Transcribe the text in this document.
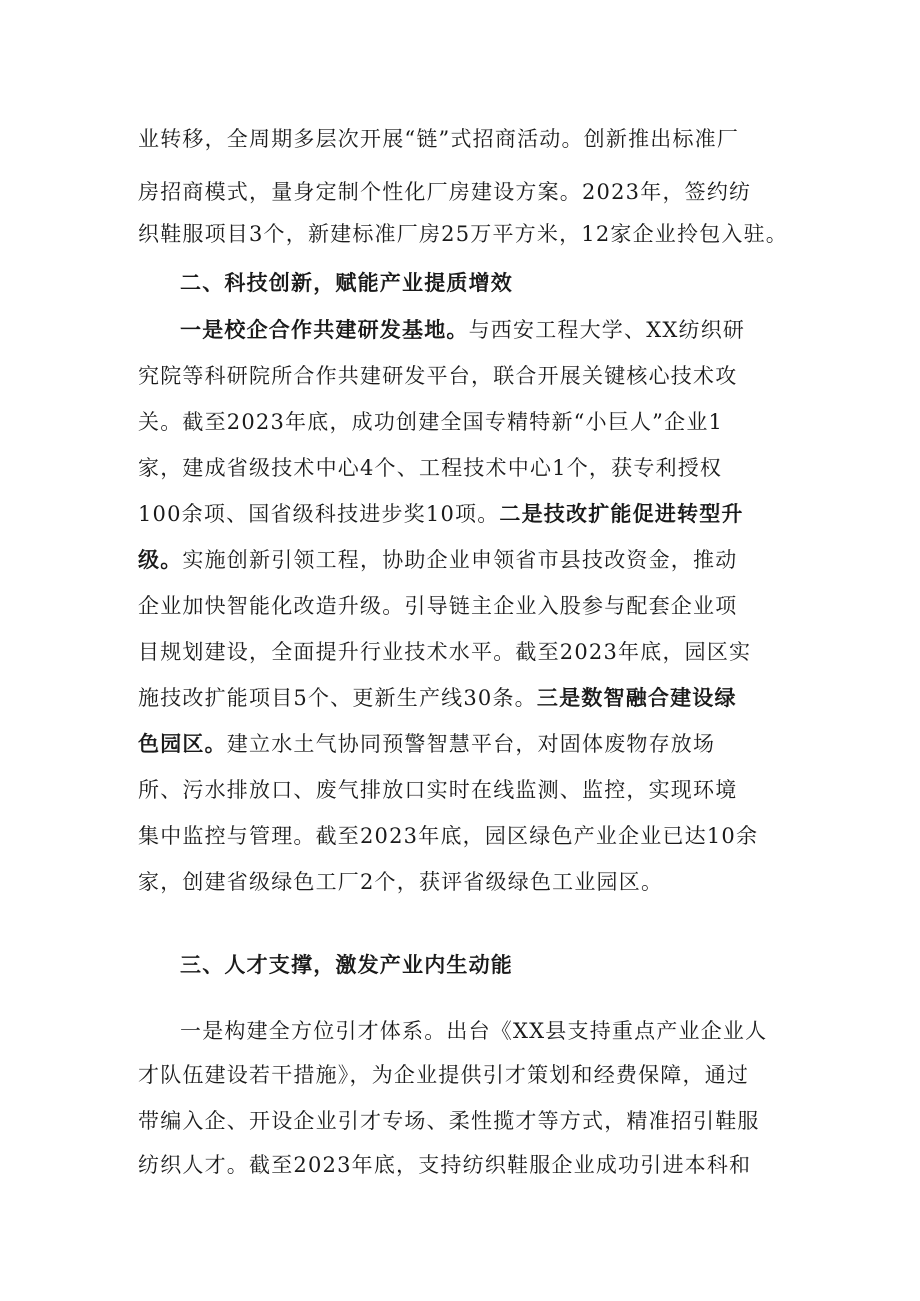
业转移，全周期多层次开展“链”式招商活动。创新推出标准厂
房招商模式，量身定制个性化厂房建设方案。2023年，签约纺
织鞋服项目3个，新建标准厂房25万平方米，12家企业拎包入驻。
二、科技创新，赋能产业提质增效
一是校企合作共建研发基地。与西安工程大学、XX纺织研
究院等科研院所合作共建研发平台，联合开展关键核心技术攻
关。截至2023年底，成功创建全国专精特新“小巨人”企业1
家，建成省级技术中心4个、工程技术中心1个，获专利授权
100余项、国省级科技进步奖10项。二是技改扩能促进转型升
级。实施创新引领工程，协助企业申领省市县技改资金，推动
企业加快智能化改造升级。引导链主企业入股参与配套企业项
目规划建设，全面提升行业技术水平。截至2023年底，园区实
施技改扩能项目5个、更新生产线30条。三是数智融合建设绿
色园区。建立水土气协同预警智慧平台，对固体废物存放场
所、污水排放口、废气排放口实时在线监测、监控，实现环境
集中监控与管理。截至2023年底，园区绿色产业企业已达10余
家，创建省级绿色工厂2个，获评省级绿色工业园区。
三、人才支撑，激发产业内生动能
一是构建全方位引才体系。出台《XX县支持重点产业企业人
才队伍建设若干措施》，为企业提供引才策划和经费保障，通过
带编入企、开设企业引才专场、柔性揽才等方式，精准招引鞋服
纺织人才。截至2023年底，支持纺织鞋服企业成功引进本科和
